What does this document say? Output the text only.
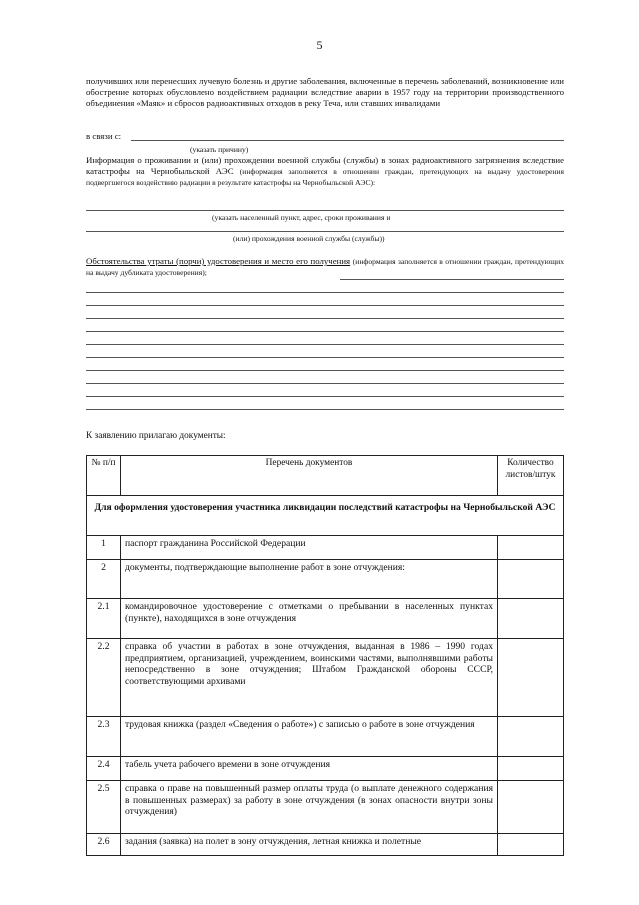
5
получивших или перенесших лучевую болезнь и другие заболевания, включенные в перечень заболеваний, возникновение или обострение которых обусловлено воздействием радиации вследствие аварии в 1957 году на территории производственного объединения «Маяк» и сбросов радиоактивных отходов в реку Теча, или ставших инвалидами
в связи с:
(указать причину)
Информация о проживании и (или) прохождении военной службы (службы) в зонах радиоактивного загрязнения вследствие катастрофы на Чернобыльской АЭС (информация заполняется в отношении граждан, претендующих на выдачу удостоверения подвергшегося воздействию радиации в результате катастрофы на Чернобыльской АЭС):
(указать населенный пункт, адрес, сроки проживания и
(или) прохождения военной службы (службы))
Обстоятельства утраты (порчи) удостоверения и место его получения (информация заполняется в отношении граждан, претендующих на выдачу дубликата удостоверения);
К заявлению прилагаю документы:
№ п/п	Перечень документов	Количество листов/штук
Для оформления удостоверения участника ликвидации последствий катастрофы на Чернобыльской АЭС		
1	паспорт гражданина Российской Федерации	
2	документы, подтверждающие выполнение работ в зоне отчуждения:	
2.1	командировочное удостоверение с отметками о пребывании в населенных пунктах (пункте), находящихся в зоне отчуждения	
2.2	справка об участии в работах в зоне отчуждения, выданная в 1986 – 1990 годах предприятием, организацией, учреждением, воинскими частями, выполнявшими работы непосредственно в зоне отчуждения; Штабом Гражданской обороны СССР, соответствующими архивами	
2.3	трудовая книжка (раздел «Сведения о работе») с записью о работе в зоне отчуждения	
2.4	табель учета рабочего времени в зоне отчуждения	
2.5	справка о праве на повышенный размер оплаты труда (о выплате денежного содержания в повышенных размерах) за работу в зоне отчуждения (в зонах опасности внутри зоны отчуждения)	
2.6	задания (заявка) на полет в зону отчуждения, летная книжка и полетные	
